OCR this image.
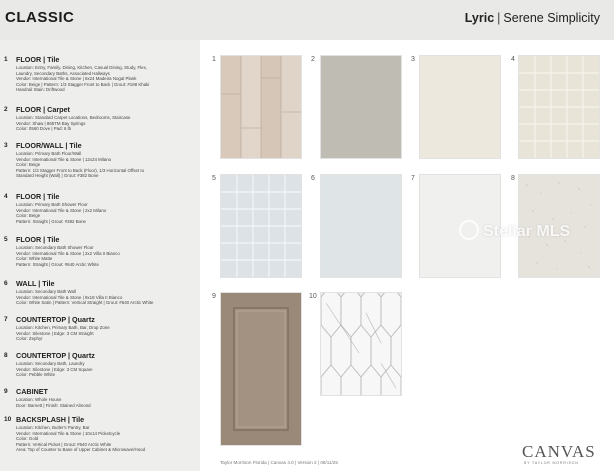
CLASSIC	Lyric | Serene Simplicity
1 FLOOR | Tile
Location: Entry, Family, Dining, Kitchen, Casual Dining, Study, Flex,
Laundry, Secondary Baths, Associated Hallways
Vendor: International Tile & Stone | 6x24 Madeira Nogal Plank
Color: Beige | Pattern: 1/3 Stagger Front to Back | Grout: #188 Khaki
Handrail Stain: Driftwood
2 FLOOR | Carpet
Location: Standard Carpet Locations, Bedrooms, Staircase
Vendor: Shaw | 865TM Bay Springs
Color: 0560 Dove | Pad: 6 lb
3 FLOOR/WALL | Tile
Location: Primary Bath Floor/Wall
Vendor: International Tile & Stone | 12x24 Milano
Color: Beige
Pattern: 1/3 Stagger Front to Back (Floor), 1/3 Horizontal Offset to
Standard Height (Wall) | Grout: #382 Bone
4 FLOOR | Tile
Location: Primary Bath Shower Floor
Vendor: International Tile & Stone | 2x2 Milano
Color: Beige
Pattern: Straight | Grout: #382 Bone
5 FLOOR | Tile
Location: Secondary Bath Shower Floor
Vendor: International Tile & Stone | 2x2 Villa II Bianco
Color: White Matte
Pattern: Straight | Grout: #640 Arctic White
6 WALL | Tile
Location: Secondary Bath Wall
Vendor: International Tile & Stone | 9x18 Villa II Bianco
Color: White Satin | Pattern: Vertical Straight | Grout: #640 Arctic White
7 COUNTERTOP | Quartz
Location: Kitchen, Primary Bath, Bar, Drop Zone
Vendor: Silestone | Edge: 3 CM Straight
Color: Zephyr
8 COUNTERTOP | Quartz
Location: Secondary Bath, Laundry
Vendor: Silestone | Edge: 3 CM Square
Color: Pebble White
9 CABINET
Location: Whole House
Door: Barnett | Finish: Stained Almond
10 BACKSPLASH | Tile
Location: Kitchen, Butler's Pantry, Bar
Vendor: International Tile & Stone | 10x14 Picketcycle
Color: Gold
Pattern: Vertical Picket | Grout: #640 Arctic White
Area: Top of Counter to Base of Upper Cabinet & Microwave/Hood
1	2	3	4
5	6	7	8
9	10
Stellar MLS
Taylor Morrison Florida | Canvas 4.0 | Version 2 | 08/11/25
CANVAS
BY TAYLOR MORRISON
